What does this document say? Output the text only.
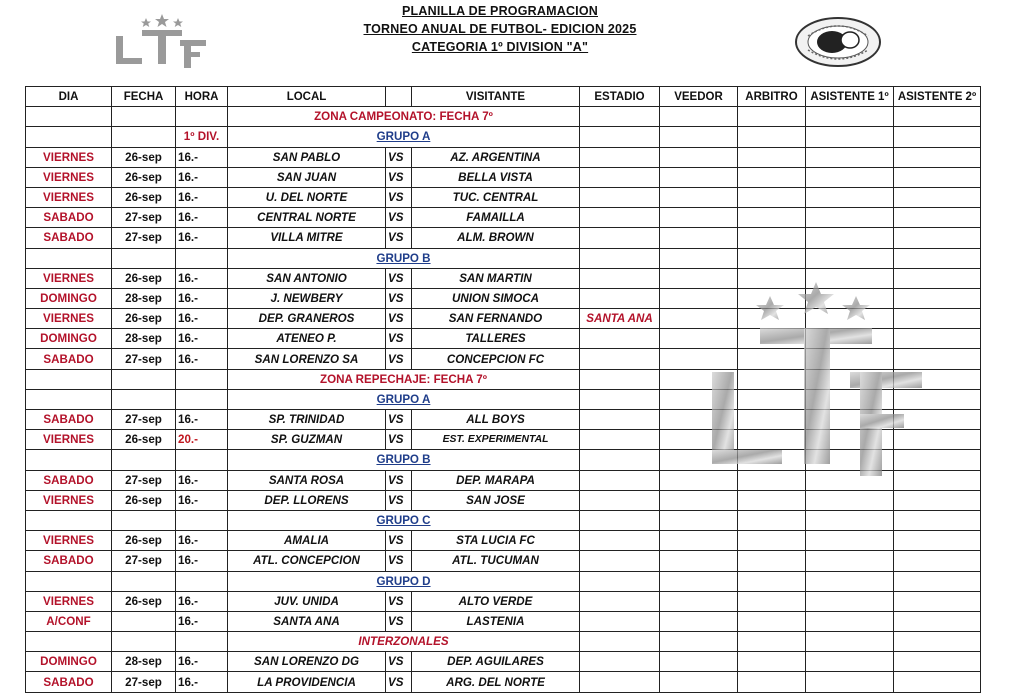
PLANILLA DE PROGRAMACION
TORNEO ANUAL DE FUTBOL- EDICION 2025
CATEGORIA 1º DIVISION "A"
DIA	FECHA	HORA	LOCAL		VISITANTE	ESTADIO	VEEDOR	ARBITRO	ASISTENTE 1º	ASISTENTE 2º
			ZONA CAMPEONATO: FECHA 7º							
		1º DIV.	GRUPO A							
VIERNES	26-sep	16.-	SAN PABLO	VS	AZ. ARGENTINA					
VIERNES	26-sep	16.-	SAN JUAN	VS	BELLA VISTA					
VIERNES	26-sep	16.-	U. DEL NORTE	VS	TUC. CENTRAL					
SABADO	27-sep	16.-	CENTRAL NORTE	VS	FAMAILLA					
SABADO	27-sep	16.-	VILLA MITRE	VS	ALM. BROWN					
			GRUPO B							
VIERNES	26-sep	16.-	SAN ANTONIO	VS	SAN MARTIN					
DOMINGO	28-sep	16.-	J. NEWBERY	VS	UNION SIMOCA					
VIERNES	26-sep	16.-	DEP. GRANEROS	VS	SAN FERNANDO	SANTA ANA				
DOMINGO	28-sep	16.-	ATENEO P.	VS	TALLERES					
SABADO	27-sep	16.-	SAN LORENZO SA	VS	CONCEPCION FC					
			ZONA REPECHAJE: FECHA 7º							
			GRUPO A							
SABADO	27-sep	16.-	SP. TRINIDAD	VS	ALL BOYS					
VIERNES	26-sep	20.-	SP. GUZMAN	VS	EST. EXPERIMENTAL					
			GRUPO B							
SABADO	27-sep	16.-	SANTA ROSA	VS	DEP. MARAPA					
VIERNES	26-sep	16.-	DEP. LLORENS	VS	SAN JOSE					
			GRUPO C							
VIERNES	26-sep	16.-	AMALIA	VS	STA LUCIA FC					
SABADO	27-sep	16.-	ATL. CONCEPCION	VS	ATL. TUCUMAN					
			GRUPO D							
VIERNES	26-sep	16.-	JUV. UNIDA	VS	ALTO VERDE					
A/CONF		16.-	SANTA ANA	VS	LASTENIA					
			INTERZONALES							
DOMINGO	28-sep	16.-	SAN LORENZO DG	VS	DEP. AGUILARES					
SABADO	27-sep	16.-	LA PROVIDENCIA	VS	ARG. DEL NORTE					
